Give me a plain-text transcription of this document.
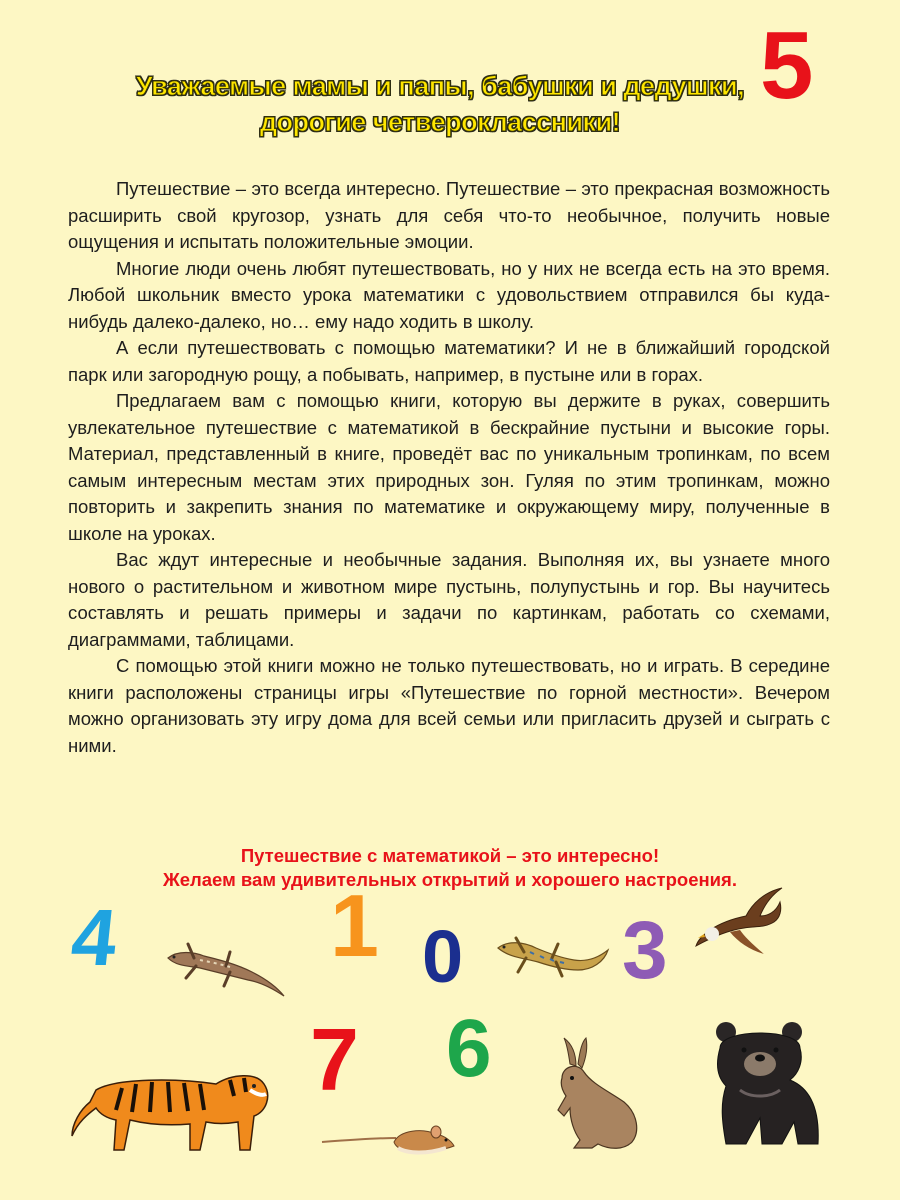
5
Уважаемые мамы и папы, бабушки и дедушки,
дорогие четвероклассники!

Путешествие – это всегда интересно. Путешествие – это прекрасная возможность расширить свой кругозор, узнать для себя что-то необычное, получить новые ощущения и испытать положительные эмоции.

Многие люди очень любят путешествовать, но у них не всегда есть на это время. Любой школьник вместо урока математики с удовольствием отправился бы куда-нибудь далеко-далеко, но… ему надо ходить в школу.

А если путешествовать с помощью математики? И не в ближайший городской парк или загородную рощу, а побывать, например, в пустыне или в горах.

Предлагаем вам с помощью книги, которую вы держите в руках, совершить увлекательное путешествие с математикой в бескрайние пустыни и высокие горы. Материал, представленный в книге, проведёт вас по уникальным тропинкам, по всем самым интересным местам этих природных зон. Гуляя по этим тропинкам, можно повторить и закрепить знания по математике и окружающему миру, полученные в школе на уроках.

Вас ждут интересные и необычные задания. Выполняя их, вы узнаете много нового о растительном и животном мире пустынь, полупустынь и гор. Вы научитесь составлять и решать примеры и задачи по картинкам, работать со схемами, диаграммами, таблицами.

С помощью этой книги можно не только путешествовать, но и играть. В середине книги расположены страницы игры «Путешествие по горной местности». Вечером можно организовать эту игру дома для всей семьи или пригласить друзей и сыграть с ними.

Путешествие с математикой – это интересно!
Желаем вам удивительных открытий и хорошего настроения.
4 1 0 3
7 6
